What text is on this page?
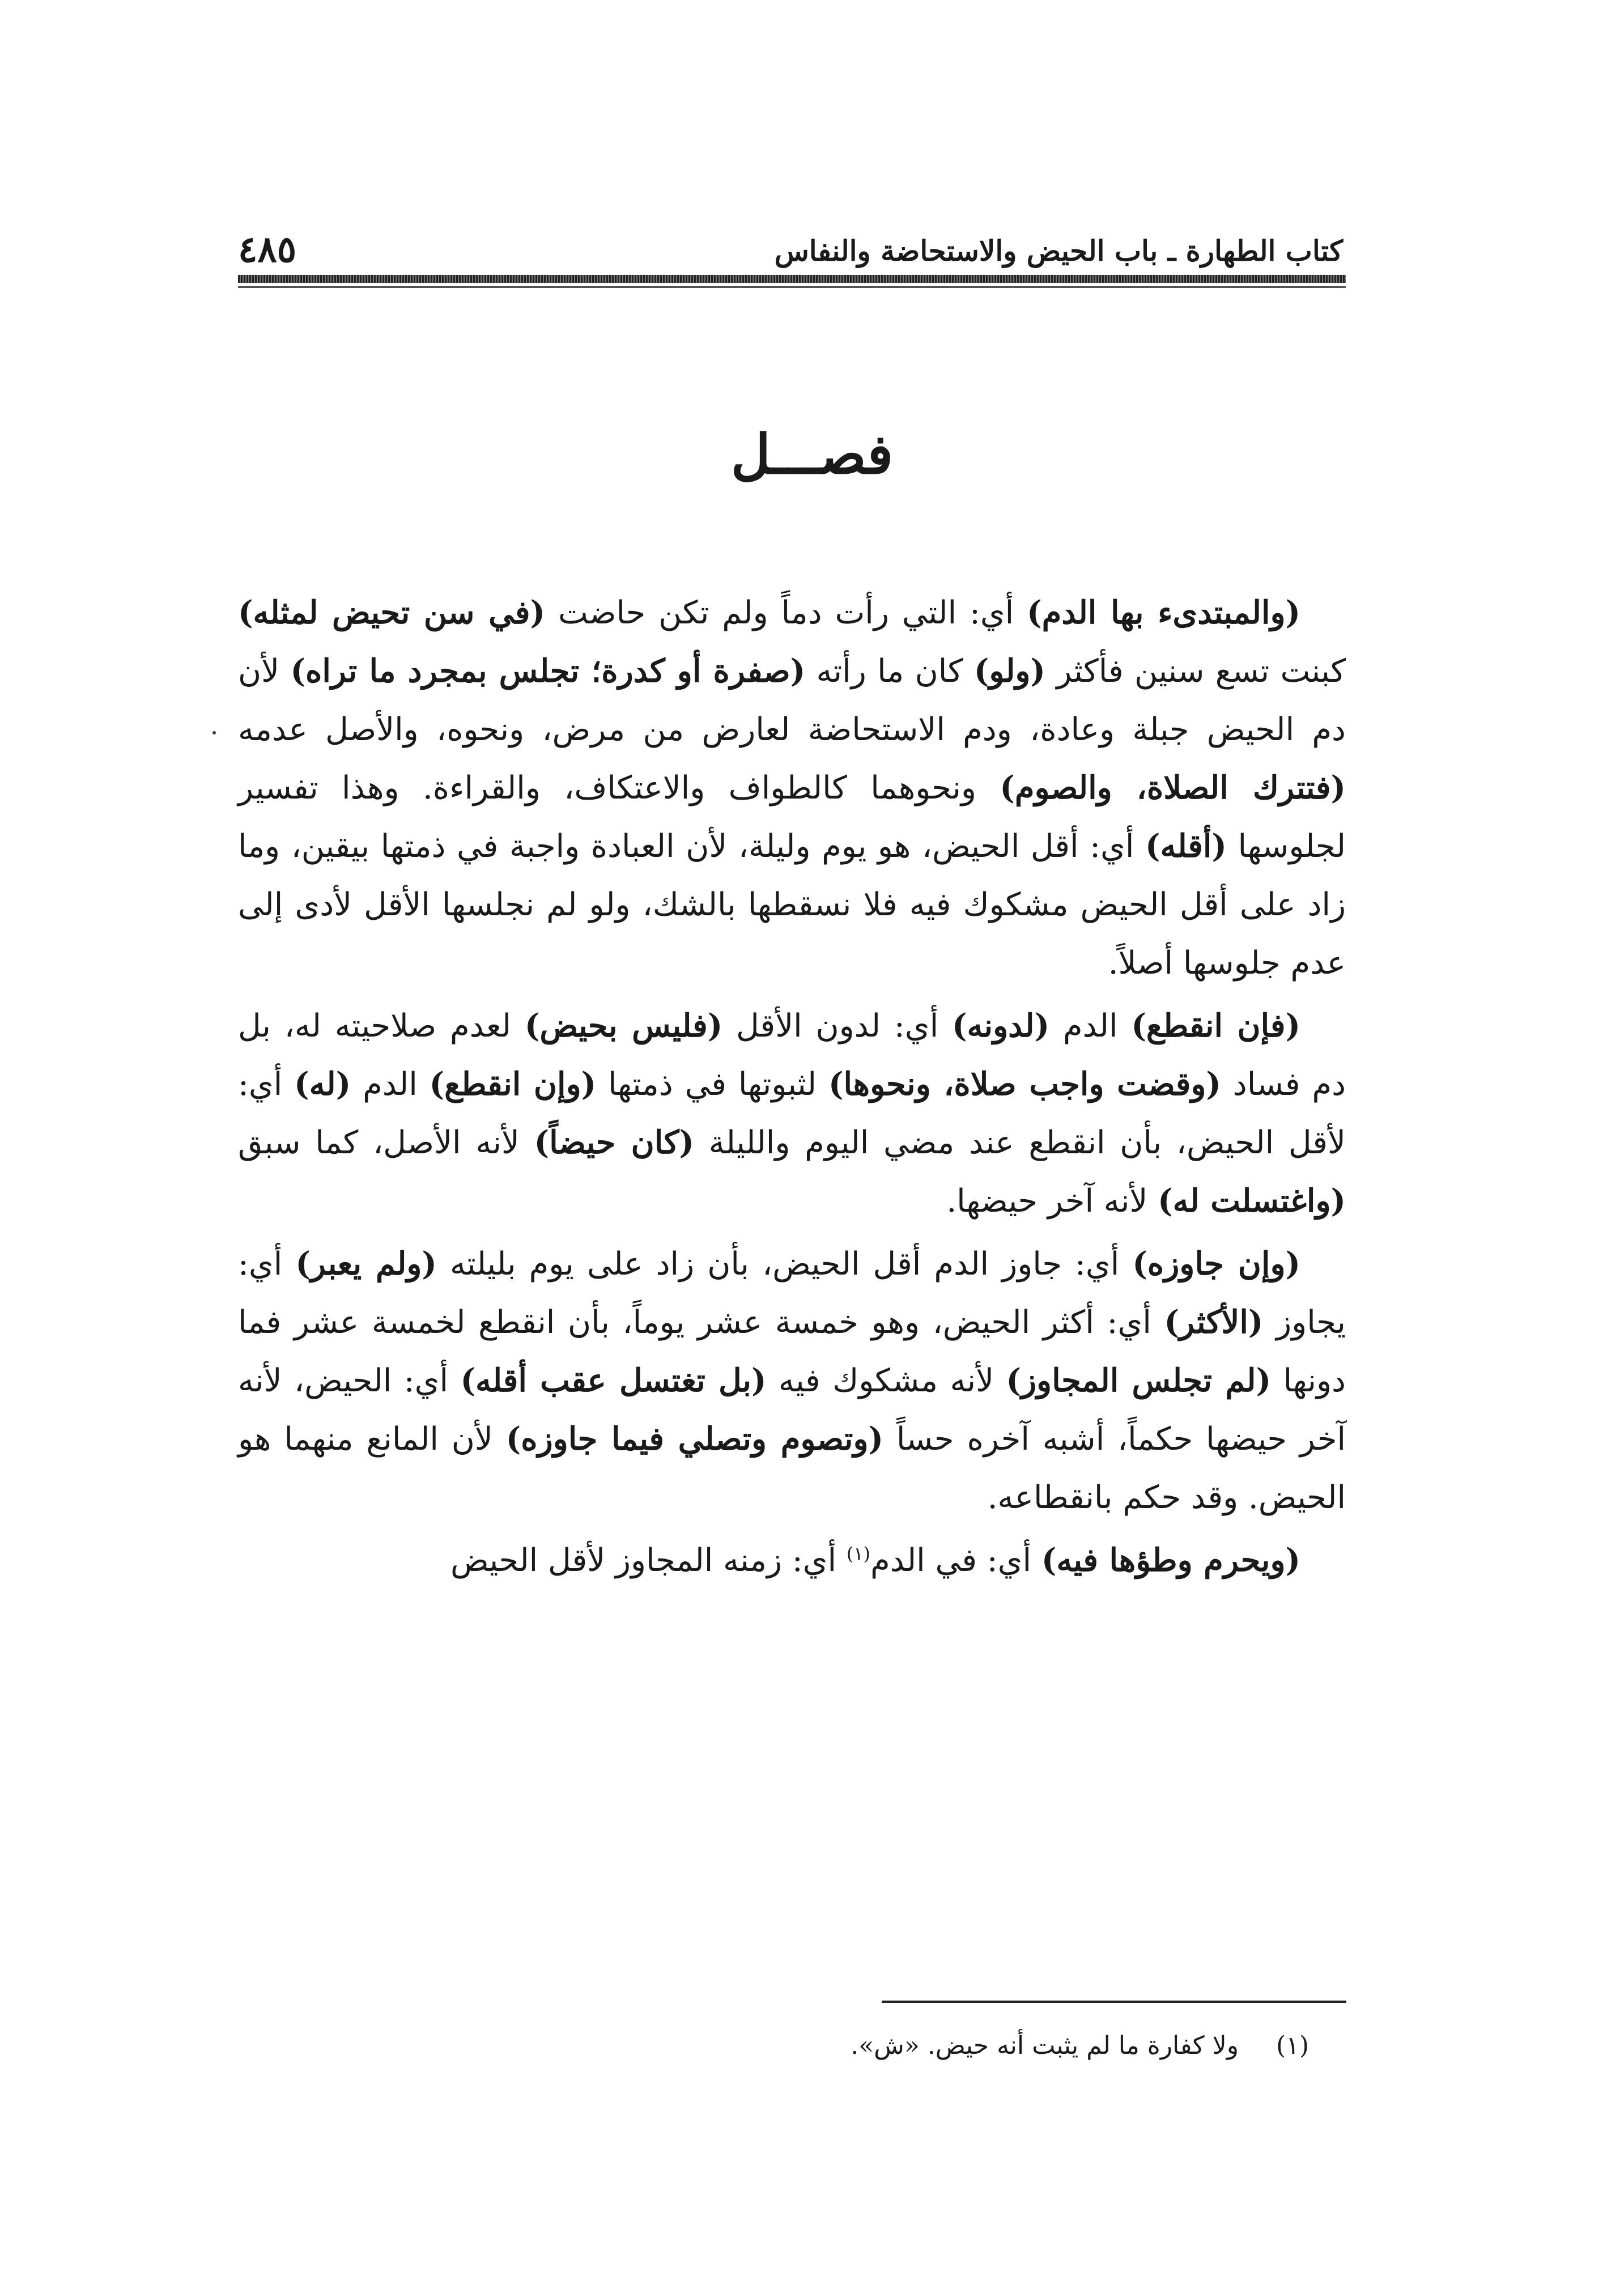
كتاب الطهارة ـ باب الحيض والاستحاضة والنفاس
٤٨٥
فصـــل

(والمبتدىء بها الدم) أي: التي رأت دماً ولم تكن حاضت (في سن تحيض لمثله) كبنت تسع سنين فأكثر (ولو) كان ما رأته (صفرة أو كدرة؛ تجلس بمجرد ما تراه) لأن دم الحيض جبلة وعادة، ودم الاستحاضة لعارض من مرض، ونحوه، والأصل عدمه (فتترك الصلاة، والصوم) ونحوهما كالطواف والاعتكاف، والقراءة. وهذا تفسير لجلوسها (أقله) أي: أقل الحيض، هو يوم وليلة، لأن العبادة واجبة في ذمتها بيقين، وما زاد على أقل الحيض مشكوك فيه فلا نسقطها بالشك، ولو لم نجلسها الأقل لأدى إلى عدم جلوسها أصلاً.

(فإن انقطع) الدم (لدونه) أي: لدون الأقل (فليس بحيض) لعدم صلاحيته له، بل دم فساد (وقضت واجب صلاة، ونحوها) لثبوتها في ذمتها (وإن انقطع) الدم (له) أي: لأقل الحيض، بأن انقطع عند مضي اليوم والليلة (كان حيضاً) لأنه الأصل، كما سبق (واغتسلت له) لأنه آخر حيضها.

(وإن جاوزه) أي: جاوز الدم أقل الحيض، بأن زاد على يوم بليلته (ولم يعبر) أي: يجاوز (الأكثر) أي: أكثر الحيض، وهو خمسة عشر يوماً، بأن انقطع لخمسة عشر فما دونها (لم تجلس المجاوز) لأنه مشكوك فيه (بل تغتسل عقب أقله) أي: الحيض، لأنه آخر حيضها حكماً، أشبه آخره حساً (وتصوم وتصلي فيما جاوزه) لأن المانع منهما هو الحيض. وقد حكم بانقطاعه.

(ويحرم وطؤها فيه) أي: في الدم$^{(١)}$ أي: زمنه المجاوز لأقل الحيض

(١) ولا كفارة ما لم يثبت أنه حيض. «ش».
